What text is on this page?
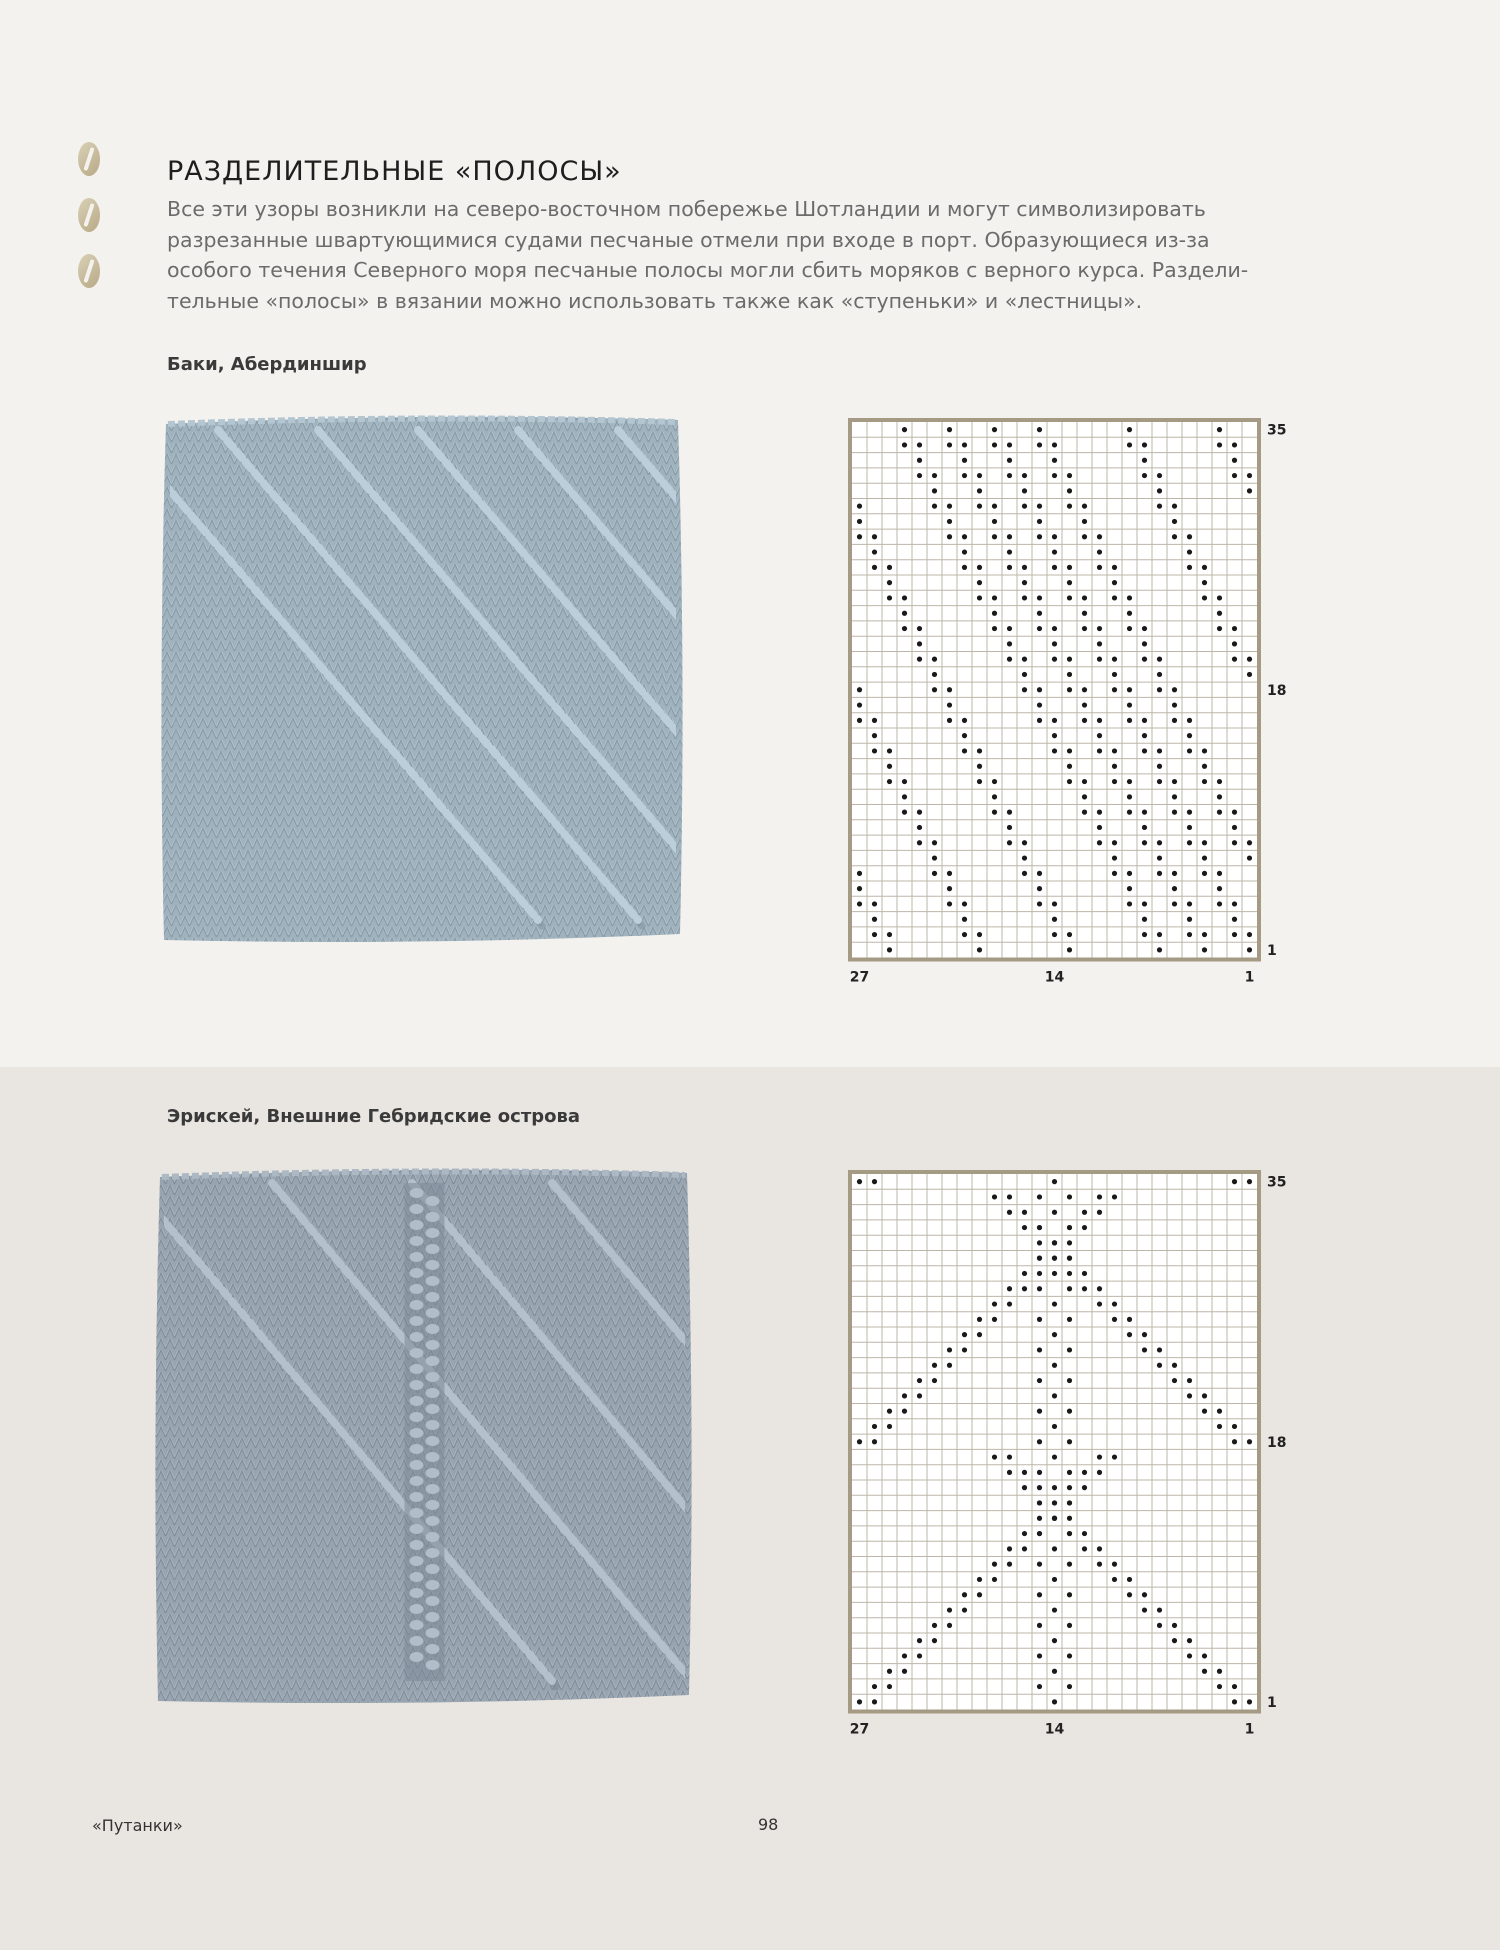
РАЗДЕЛИТЕЛЬНЫЕ «ПОЛОСЫ»
Все эти узоры возникли на северо-восточном побережье Шотландии и могут символизировать
разрезанные швартующимися судами песчаные отмели при входе в порт. Образующиеся из-за
особого течения Северного моря песчаные полосы могли сбить моряков с верного курса. Раздели-
тельные «полосы» в вязании можно использовать также как «ступеньки» и «лестницы».
Баки, Абердиншир
35
18
1
27	14	1
Эрискей, Внешние Гебридские острова
35
18
1
27	14	1
«Путанки»	98
